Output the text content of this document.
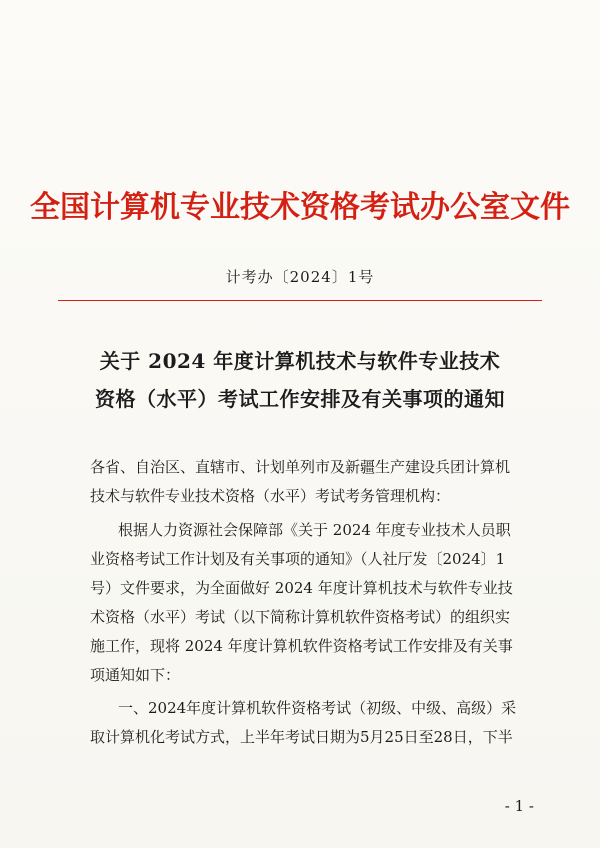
全国计算机专业技术资格考试办公室文件
计考办〔2024〕1号
关于 2024 年度计算机技术与软件专业技术
资格（水平）考试工作安排及有关事项的通知
各省、自治区、直辖市、计划单列市及新疆生产建设兵团计算机
技术与软件专业技术资格（水平）考试考务管理机构：
根据人力资源社会保障部《关于 2024 年度专业技术人员职
业资格考试工作计划及有关事项的通知》（人社厅发〔2024〕1
号）文件要求，为全面做好 2024 年度计算机技术与软件专业技
术资格（水平）考试（以下简称计算机软件资格考试）的组织实
施工作，现将 2024 年度计算机软件资格考试工作安排及有关事
项通知如下：
一、2024年度计算机软件资格考试（初级、中级、高级）采
取计算机化考试方式，上半年考试日期为5月25日至28日，下半
- 1 -
